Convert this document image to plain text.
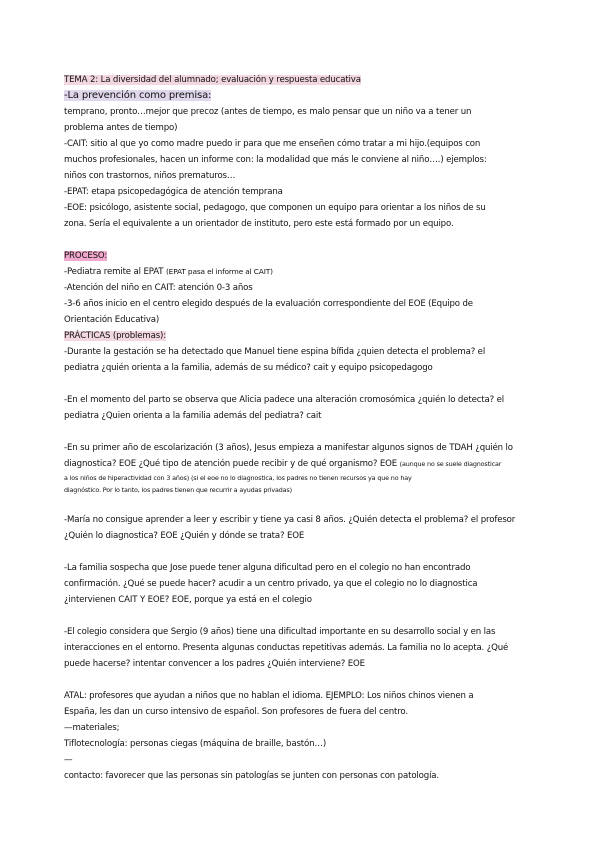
TEMA 2: La diversidad del alumnado; evaluación y respuesta educativa
-La prevención como premisa:
temprano, pronto…mejor que precoz (antes de tiempo, es malo pensar que un niño va a tener un
problema antes de tiempo)
-CAIT: sitio al que yo como madre puedo ir para que me enseñen cómo tratar a mi hijo.(equipos con
muchos profesionales, hacen un informe con: la modalidad que más le conviene al niño….) ejemplos:
niños con trastornos, niños prematuros…
-EPAT: etapa psicopedagógica de atención temprana
-EOE: psicólogo, asistente social, pedagogo, que componen un equipo para orientar a los niños de su
zona. Sería el equivalente a un orientador de instituto, pero este está formado por un equipo.
PROCESO:
-Pediatra remite al EPAT (EPAT pasa el informe al CAIT)
-Atención del niño en CAIT: atención 0-3 años
-3-6 años inicio en el centro elegido después de la evaluación correspondiente del EOE (Equipo de
Orientación Educativa)
PRÁCTICAS (problemas):
-Durante la gestación se ha detectado que Manuel tiene espina bífida ¿quien detecta el problema? el
pediatra ¿quién orienta a la familia, además de su médico? cait y equipo psicopedagogo
-En el momento del parto se observa que Alicia padece una alteración cromosómica ¿quién lo detecta? el
pediatra ¿Quien orienta a la familia además del pediatra? cait
-En su primer año de escolarización (3 años), Jesus empieza a manifestar algunos signos de TDAH ¿quién lo
diagnostica? EOE ¿Qué tipo de atención puede recibir y de qué organismo? EOE (aunque no se suele diagnosticar
a los niños de hiperactividad con 3 años) (si el eoe no lo diagnostica, los padres no tienen recursos ya que no hay
diagnóstico. Por lo tanto, los padres tienen que recurrir a ayudas privadas)
-María no consigue aprender a leer y escribir y tiene ya casi 8 años. ¿Quién detecta el problema? el profesor
¿Quién lo diagnostica? EOE ¿Quién y dónde se trata? EOE
-La familia sospecha que Jose puede tener alguna dificultad pero en el colegio no han encontrado
confirmación. ¿Qué se puede hacer? acudir a un centro privado, ya que el colegio no lo diagnostica
¿intervienen CAIT Y EOE? EOE, porque ya está en el colegio
-El colegio considera que Sergio (9 años) tiene una dificultad importante en su desarrollo social y en las
interacciones en el entorno. Presenta algunas conductas repetitivas además. La familia no lo acepta. ¿Qué
puede hacerse? intentar convencer a los padres ¿Quién interviene? EOE
ATAL: profesores que ayudan a niños que no hablan el idioma. EJEMPLO: Los niños chinos vienen a
España, les dan un curso intensivo de español. Son profesores de fuera del centro.
—materiales;
Tiflotecnología: personas ciegas (máquina de braille, bastón…)
—
contacto: favorecer que las personas sin patologías se junten con personas con patología.
